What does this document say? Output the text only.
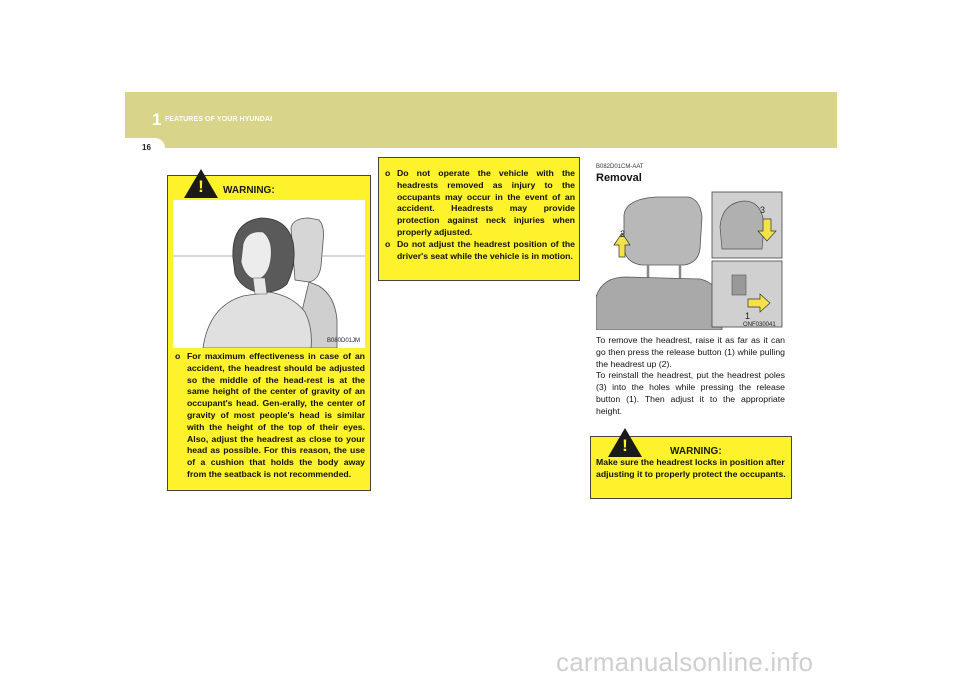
1 FEATURES OF YOUR HYUNDAI
16
!	WARNING:
B080D01JM
o For maximum effectiveness in case of an accident, the headrest should be adjusted so the middle of the head-rest is at the same height of the center of gravity of an occupant's head. Gen-erally, the center of gravity of most people's head is similar with the height of the top of their eyes. Also, adjust the headrest as close to your head as possible. For this reason, the use of a cushion that holds the body away from the seatback is not recommended.
o Do not operate the vehicle with the headrests removed as injury to the occupants may occur in the event of an accident. Headrests may provide protection against neck injuries when properly adjusted.
o Do not adjust the headrest position of the driver's seat while the vehicle is in motion.
B082D01CM-AAT
Removal
2
3
1
ONF030041

To remove the headrest, raise it as far as it can go then press the release button (1) while pulling the headrest up (2).

To reinstall the headrest, put the headrest poles (3) into the holes while pressing the release button (1). Then adjust it to the appropriate height.

!	WARNING:
Make sure the headrest locks in position after adjusting it to properly protect the occupants.
carmanualsonline.info
